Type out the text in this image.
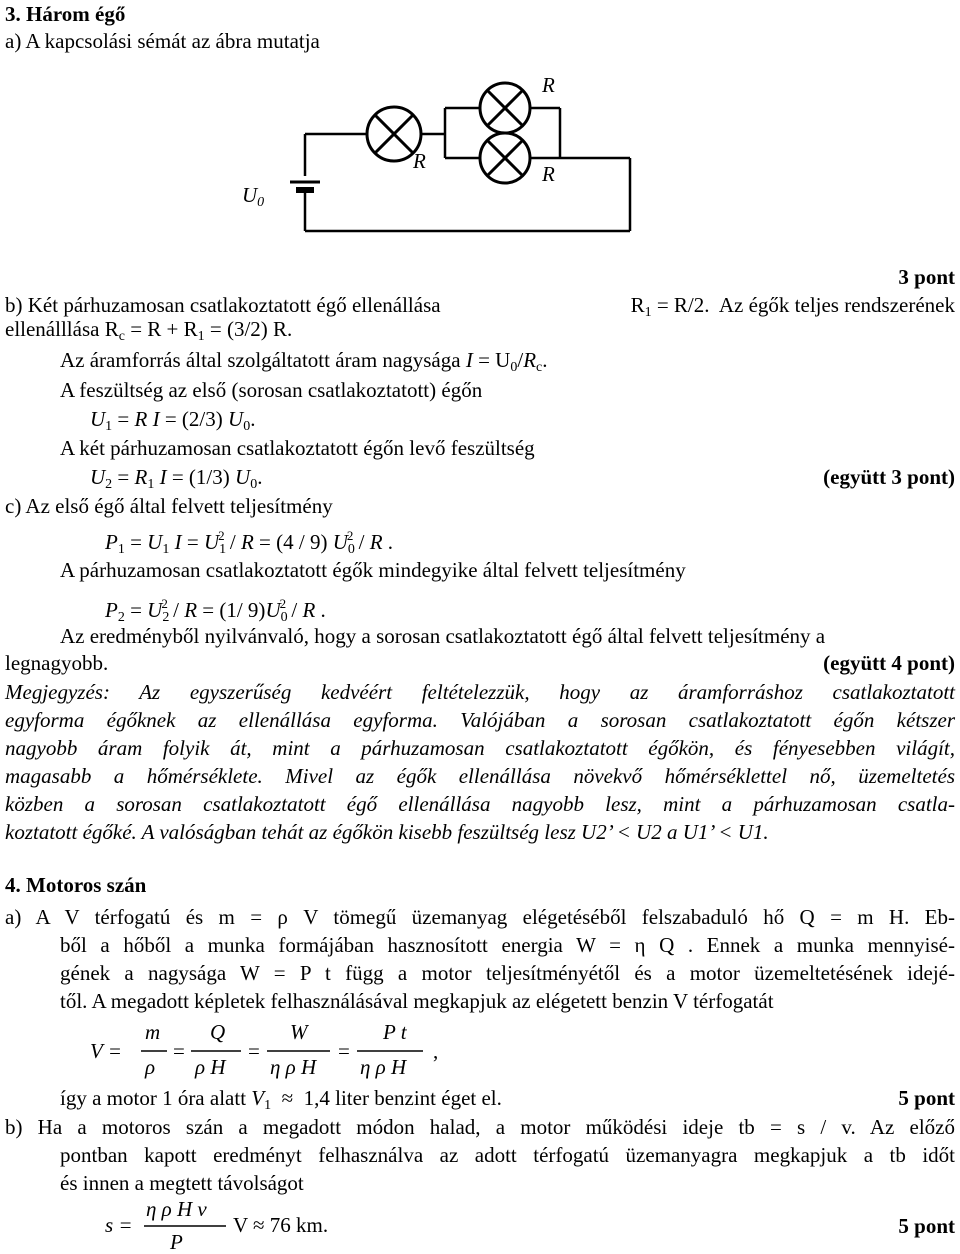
3. Három égő
a) A kapcsolási sémát az ábra mutatja
U0
R
R
R
3 pont
b) Két párhuzamosan csatlakoztatott égő ellenállása	$R_1 = R/2$.  Az égők teljes rendszerének
ellenálllása $R_c = R + R_1 = (3/2)$ R.
Az áramforrás által szolgáltatott áram nagysága $I = U_0/R_c$.
A feszültség az első (sorosan csatlakoztatott) égőn
$U_1 = R$ I = (2/3) $U_0$.
A két párhuzamosan csatlakoztatott égőn levő feszültség
$U_2 = R_1$ I = (1/3) $U_0$.	(együtt 3 pont)
c) Az első égő által felvett teljesítmény
$P_1 = U_1$ $I = U_1^2 / R = (4 / 9)$ $U_0^2$ / R .
A párhuzamosan csatlakoztatott égők mindegyike által felvett teljesítmény
$P_2 = U_2^2 / R = (1/$ $9)U_0^2$ / R .
Az eredményből nyilvánvaló, hogy a sorosan csatlakoztatott égő által felvett teljesítmény a
legnagyobb.	(együtt 4 pont)
Megjegyzés: Az egyszerűség kedvéért feltételezzük, hogy az áramforráshoz csatlakoztatott
egyforma égőknek az ellenállása egyforma. Valójában a sorosan csatlakoztatott égőn kétszer
nagyobb áram folyik át, mint a párhuzamosan csatlakoztatott égőkön, és fényesebben világít,
magasabb a hőmérséklete. Mivel az égők ellenállása növekvő hőmérséklettel nő, üzemeltetés
közben a sorosan csatlakoztatott égő ellenállása nagyobb lesz, mint a párhuzamosan csatla-
koztatott égőké. A valóságban tehát az égőkön kisebb feszültség lesz U2’ < U2 a U1’ < U1.
4. Motoros szán
a) A V térfogatú és m = ρ V tömegű üzemanyag elégetéséből felszabaduló hő Q = m H. Eb-
ből a hőből a munka formájában hasznosított energia W = η Q . Ennek a munka mennyisé-
gének a nagysága W = P t függ a motor teljesítményétől és a motor üzemeltetésének idejé-
től. A megadott képletek felhasználásával megkapjuk az elégetett benzin V térfogatát
V =
m
ρ
Q
ρ H
W
η ρ H
P t
η ρ H
=	=	=	,
így a motor 1 óra alatt $V_1 \approx 1,4$ liter benzint éget el.	5 pont
b) Ha a motoros szán a megadott módon halad, a motor működési ideje tb = s / v. Az előző
pontban kapott eredményt felhasználva az adott térfogatú üzemanyagra megkapjuk a tb időt
és innen a megtett távolságot
s =
η ρ H v
P
V ≈ 76 km.	5 pont
